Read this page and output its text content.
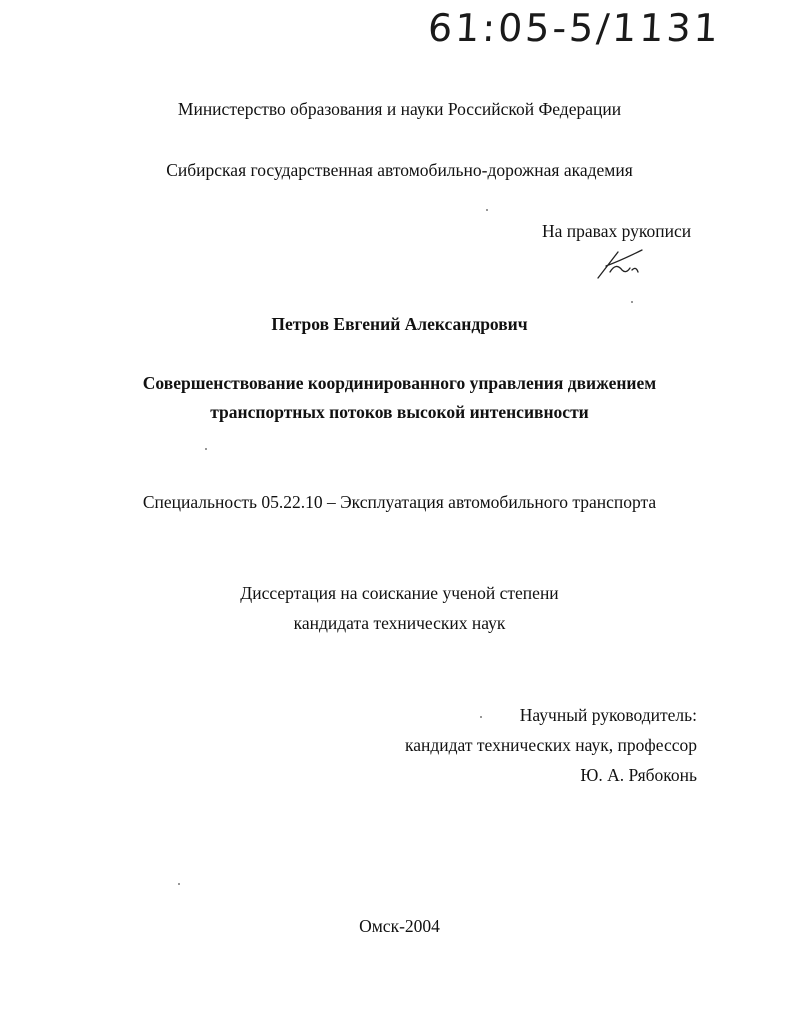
61:05-5/1131
Министерство образования и науки Российской Федерации
Сибирская государственная автомобильно-дорожная академия
На правах рукописи
Петров Евгений Александрович
Совершенствование координированного управления движением
транспортных потоков высокой интенсивности
Специальность 05.22.10 – Эксплуатация автомобильного транспорта
Диссертация на соискание ученой степени
кандидата технических наук
Научный руководитель:
кандидат технических наук, профессор
Ю. А. Рябоконь
Омск-2004
